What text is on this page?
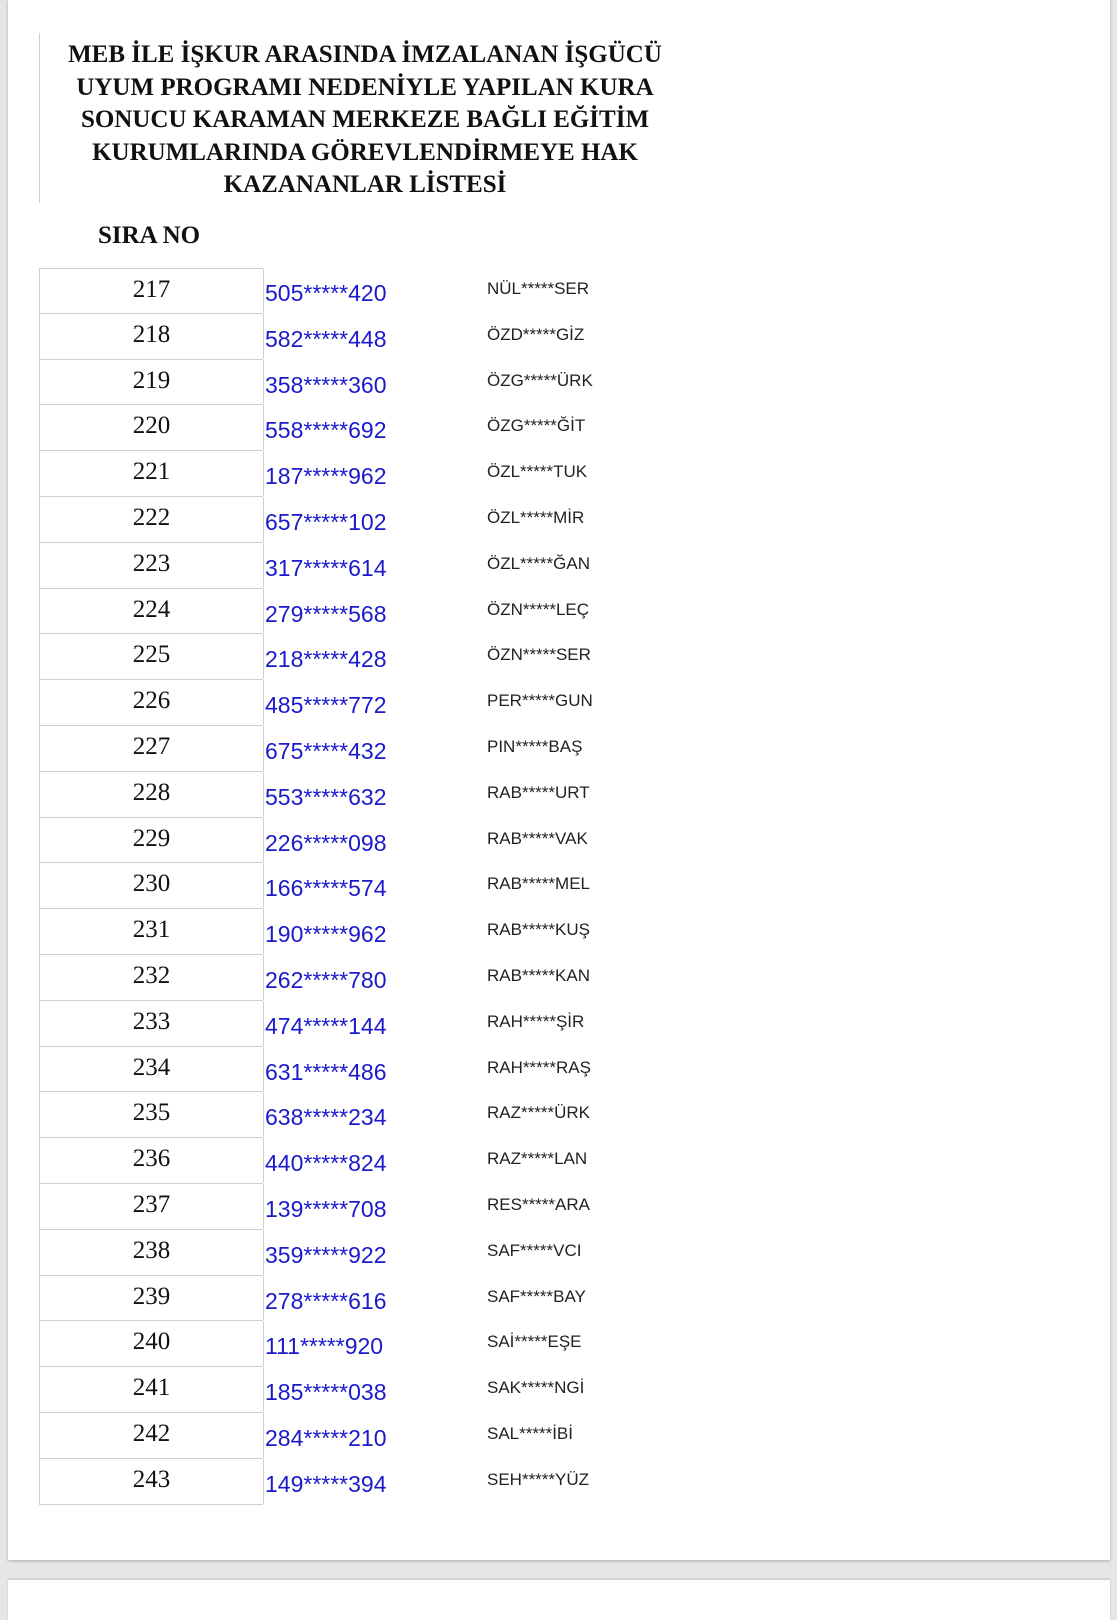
MEB İLE İŞKUR ARASINDA İMZALANAN İŞGÜCÜ
UYUM PROGRAMI NEDENİYLE YAPILAN KURA
SONUCU KARAMAN MERKEZE BAĞLI EĞİTİM
KURUMLARINDA GÖREVLENDİRMEYE HAK
KAZANANLAR LİSTESİ
SIRA NO
217	505*****420	NÜL*****SER
218	582*****448	ÖZD*****GİZ
219	358*****360	ÖZG*****ÜRK
220	558*****692	ÖZG*****ĞİT
221	187*****962	ÖZL*****TUK
222	657*****102	ÖZL*****MİR
223	317*****614	ÖZL*****ĞAN
224	279*****568	ÖZN*****LEÇ
225	218*****428	ÖZN*****SER
226	485*****772	PER*****GUN
227	675*****432	PIN*****BAŞ
228	553*****632	RAB*****URT
229	226*****098	RAB*****VAK
230	166*****574	RAB*****MEL
231	190*****962	RAB*****KUŞ
232	262*****780	RAB*****KAN
233	474*****144	RAH*****ŞİR
234	631*****486	RAH*****RAŞ
235	638*****234	RAZ*****ÜRK
236	440*****824	RAZ*****LAN
237	139*****708	RES*****ARA
238	359*****922	SAF*****VCI
239	278*****616	SAF*****BAY
240	111*****920	SAİ*****EŞE
241	185*****038	SAK*****NGİ
242	284*****210	SAL*****İBİ
243	149*****394	SEH*****YÜZ
